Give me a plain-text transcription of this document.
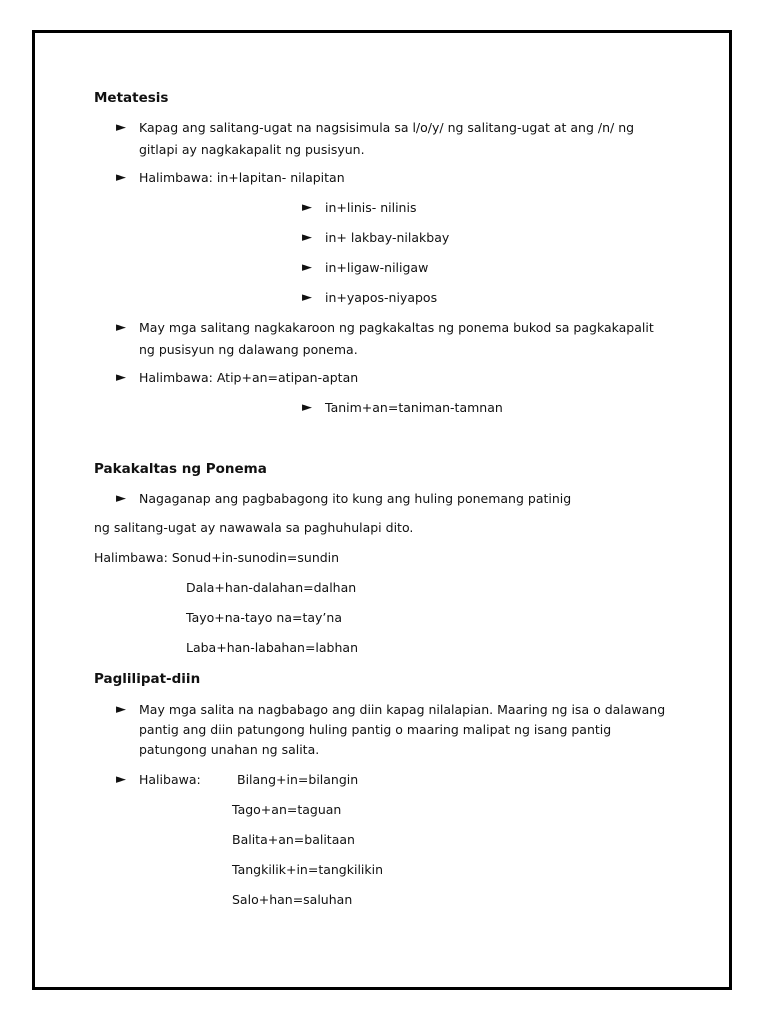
Metatesis
► Kapag ang salitang-ugat na nagsisimula sa l/o/y/ ng salitang-ugat at ang /n/ ng
gitlapi ay nagkakapalit ng pusisyun.
► Halimbawa: in+lapitan- nilapitan
► in+linis- nilinis
► in+ lakbay-nilakbay
► in+ligaw-niligaw
► in+yapos-niyapos
► May mga salitang nagkakaroon ng pagkakaltas ng ponema bukod sa pagkakapalit
ng pusisyun ng dalawang ponema.
► Halimbawa: Atip+an=atipan-aptan
► Tanim+an=taniman-tamnan
Pakakaltas ng Ponema
► Nagaganap ang pagbabagong ito kung ang huling ponemang patinig
ng salitang-ugat ay nawawala sa paghuhulapi dito.
Halimbawa: Sonud+in-sunodin=sundin
Dala+han-dalahan=dalhan
Tayo+na-tayo na=tay’na
Laba+han-labahan=labhan
Paglilipat-diin
► May mga salita na nagbabago ang diin kapag nilalapian. Maaring ng isa o dalawang
pantig ang diin patungong huling pantig o maaring malipat ng isang pantig
patungong unahan ng salita.
► Halibawa:	Bilang+in=bilangin
Tago+an=taguan
Balita+an=balitaan
Tangkilik+in=tangkilikin
Salo+han=saluhan
